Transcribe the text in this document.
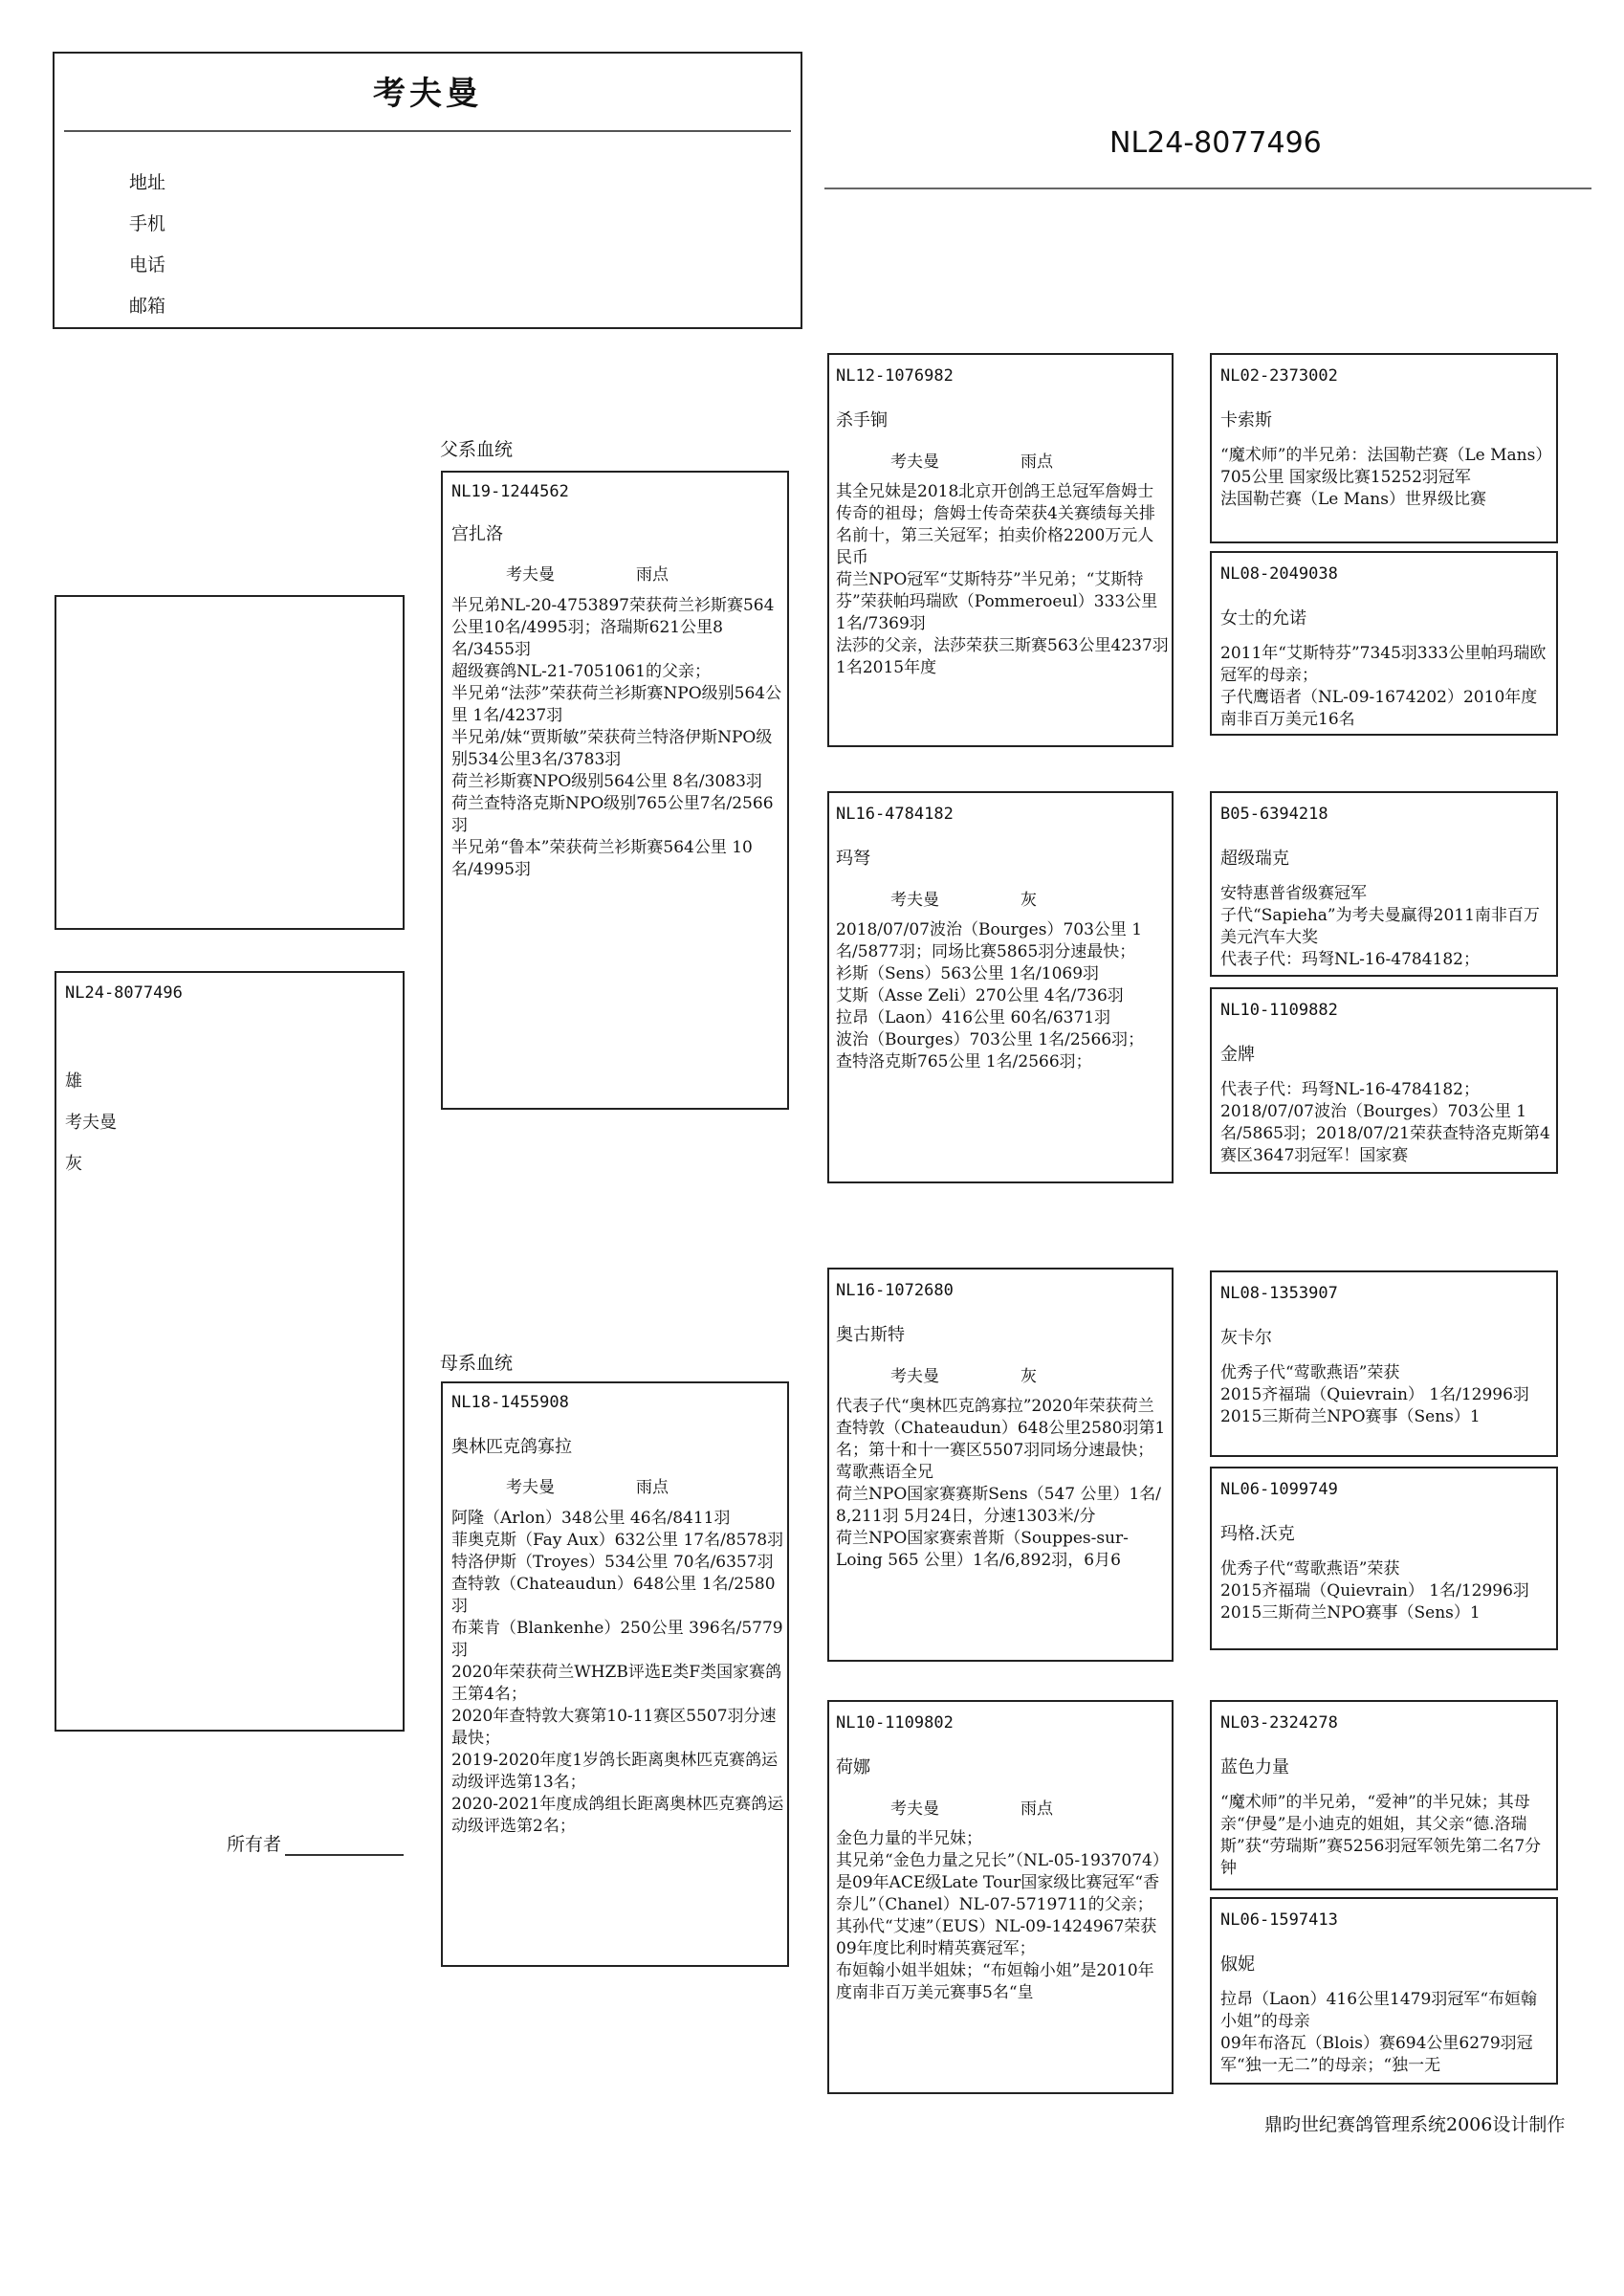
考夫曼
地址
手机
电话
邮箱
NL24-8077496
NL24-8077496
雄
考夫曼
灰
所有者
父系血统
母系血统
NL19-1244562
宫扎洛
考夫曼	雨点
半兄弟NL-20-4753897荣获荷兰衫斯赛564公里10名/4995羽；洛瑞斯621公里8名/3455羽
超级赛鸽NL-21-7051061的父亲；
半兄弟“法莎”荣获荷兰衫斯赛NPO级别564公里 1名/4237羽
半兄弟/妹“贾斯敏”荣获荷兰特洛伊斯NPO级别534公里3名/3783羽
荷兰衫斯赛NPO级别564公里 8名/3083羽
荷兰查特洛克斯NPO级别765公里7名/2566羽
半兄弟“鲁本”荣获荷兰衫斯赛564公里 10名/4995羽
NL18-1455908
奥林匹克鸽寡拉
考夫曼	雨点
阿隆（Arlon）348公里 46名/8411羽
菲奥克斯（Fay Aux）632公里 17名/8578羽
特洛伊斯（Troyes）534公里 70名/6357羽
查特敦（Chateaudun）648公里 1名/2580羽
布莱肯（Blankenhe）250公里 396名/5779羽
2020年荣获荷兰WHZB评选E类F类国家赛鸽王第4名；
2020年查特敦大赛第10-11赛区5507羽分速最快；
2019-2020年度1岁鸽长距离奥林匹克赛鸽运动级评选第13名；
2020-2021年度成鸽组长距离奥林匹克赛鸽运动级评选第2名；
NL12-1076982
杀手锏
考夫曼	雨点
其全兄妹是2018北京开创鸽王总冠军詹姆士传奇的祖母；詹姆士传奇荣获4关赛绩每关排名前十，第三关冠军；拍卖价格2200万元人民币
荷兰NPO冠军“艾斯特芬”半兄弟；“艾斯特芬”荣获帕玛瑞欧（Pommeroeul）333公里 1名/7369羽
法莎的父亲，法莎荣获三斯赛563公里4237羽1名2015年度
NL16-4784182
玛弩
考夫曼	灰
2018/07/07波治（Bourges）703公里 1名/5877羽；同场比赛5865羽分速最快；
衫斯（Sens）563公里 1名/1069羽
艾斯（Asse Zeli）270公里 4名/736羽
拉昂（Laon）416公里 60名/6371羽
波治（Bourges）703公里 1名/2566羽；
查特洛克斯765公里 1名/2566羽；
NL16-1072680
奥古斯特
考夫曼	灰
代表子代“奥林匹克鸽寡拉”2020年荣获荷兰查特敦（Chateaudun）648公里2580羽第1名；第十和十一赛区5507羽同场分速最快；
莺歌燕语全兄
荷兰NPO国家赛赛斯Sens（547 公里）1名/ 8,211羽 5月24日，分速1303米/分
荷兰NPO国家赛索普斯（Souppes-sur-Loing 565 公里）1名/6,892羽，6月6
NL10-1109802
荷娜
考夫曼	雨点
金色力量的半兄妹；
其兄弟“金色力量之兄长”（NL-05-1937074）是09年ACE级Late Tour国家级比赛冠军“香奈儿”（Chanel）NL-07-5719711的父亲；
其孙代“艾速”（EUS）NL-09-1424967荣获09年度比利时精英赛冠军；
布姮翰小姐半姐妹；“布姮翰小姐”是2010年度南非百万美元赛事5名“皇
NL02-2373002
卡索斯
“魔术师”的半兄弟：法国勒芒赛（Le Mans）705公里 国家级比赛15252羽冠军
法国勒芒赛（Le Mans）世界级比赛
NL08-2049038
女士的允诺
2011年“艾斯特芬”7345羽333公里帕玛瑞欧冠军的母亲；
子代鹰语者（NL-09-1674202）2010年度南非百万美元16名
B05-6394218
超级瑞克
安特惠普省级赛冠军
子代“Sapieha”为考夫曼赢得2011南非百万美元汽车大奖
代表子代：玛弩NL-16-4784182；
NL10-1109882
金牌
代表子代：玛弩NL-16-4784182；
2018/07/07波治（Bourges）703公里 1名/5865羽；2018/07/21荣获查特洛克斯第4赛区3647羽冠军！国家赛
NL08-1353907
灰卡尔
优秀子代“莺歌燕语”荣获
2015齐福瑞（Quievrain） 1名/12996羽
2015三斯荷兰NPO赛事（Sens）1
NL06-1099749
玛格.沃克
优秀子代“莺歌燕语”荣获
2015齐福瑞（Quievrain） 1名/12996羽
2015三斯荷兰NPO赛事（Sens）1
NL03-2324278
蓝色力量
“魔术师”的半兄弟，“爱神”的半兄妹；其母亲“伊曼”是小迪克的姐姐，其父亲“德.洛瑞斯”获“劳瑞斯”赛5256羽冠军领先第二名7分钟
NL06-1597413
俶妮
拉昂（Laon）416公里1479羽冠军“布姮翰小姐”的母亲
09年布洛瓦（Blois）赛694公里6279羽冠军“独一无二”的母亲；“独一无
鼎昀世纪赛鸽管理系统2006设计制作
